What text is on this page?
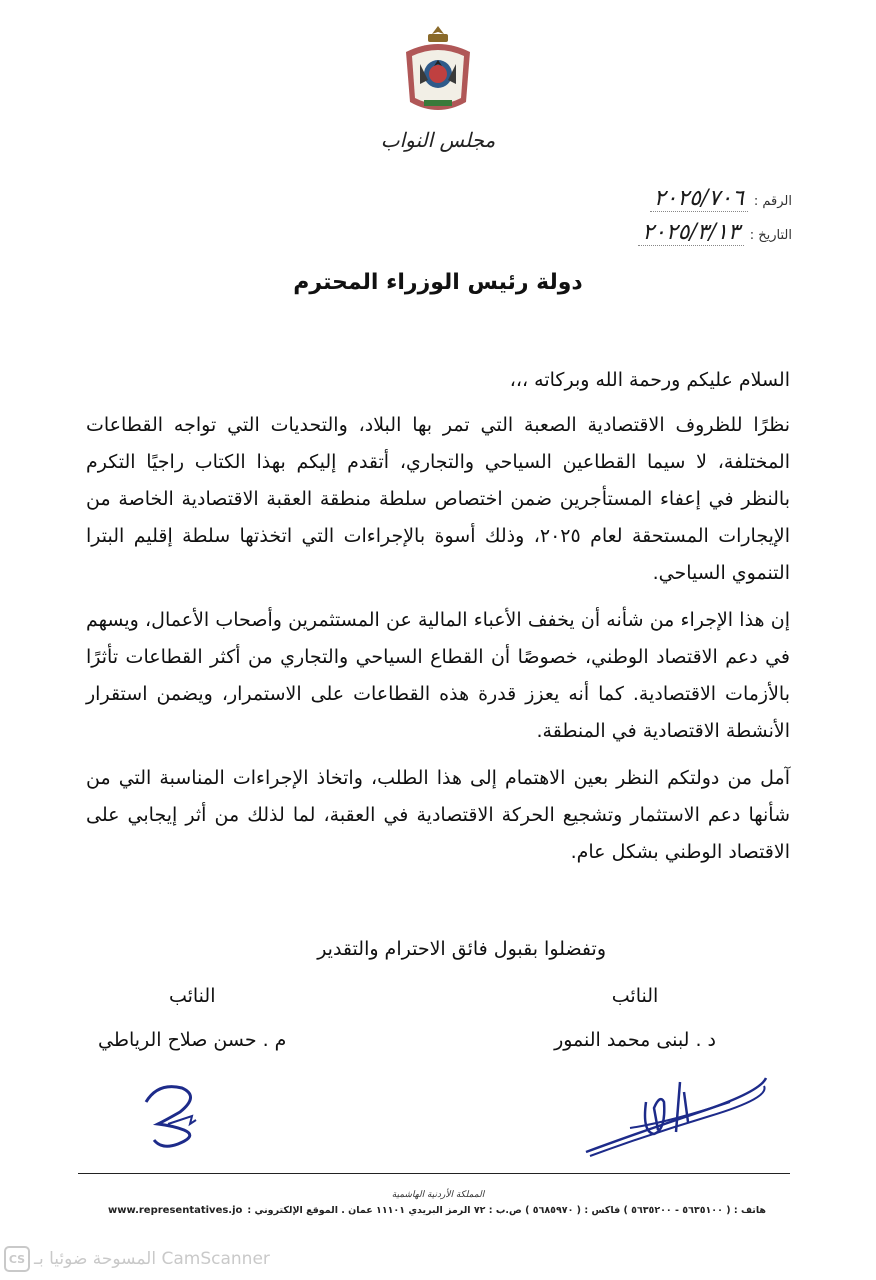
مجلس النواب
الرقم :
٢٠٢٥/٧٠٦
التاريخ :
٢٠٢٥/٣/١٣
دولة رئيس الوزراء المحترم

السلام عليكم ورحمة الله وبركاته ،،،

نظرًا للظروف الاقتصادية الصعبة التي تمر بها البلاد، والتحديات التي تواجه القطاعات المختلفة، لا سيما القطاعين السياحي والتجاري، أتقدم إليكم بهذا الكتاب راجيًا التكرم بالنظر في إعفاء المستأجرين ضمن اختصاص سلطة منطقة العقبة الاقتصادية الخاصة من الإيجارات المستحقة لعام ٢٠٢٥، وذلك أسوة بالإجراءات التي اتخذتها سلطة إقليم البترا التنموي السياحي.

إن هذا الإجراء من شأنه أن يخفف الأعباء المالية عن المستثمرين وأصحاب الأعمال، ويسهم في دعم الاقتصاد الوطني، خصوصًا أن القطاع السياحي والتجاري من أكثر القطاعات تأثرًا بالأزمات الاقتصادية. كما أنه يعزز قدرة هذه القطاعات على الاستمرار، ويضمن استقرار الأنشطة الاقتصادية في المنطقة.

آمل من دولتكم النظر بعين الاهتمام إلى هذا الطلب، واتخاذ الإجراءات المناسبة التي من شأنها دعم الاستثمار وتشجيع الحركة الاقتصادية في العقبة، لما لذلك من أثر إيجابي على الاقتصاد الوطني بشكل عام.

وتفضلوا بقبول فائق الاحترام والتقدير
النائب
د . لبنى محمد النمور
النائب
م . حسن صلاح الرياطي
المملكة الأردنية الهاشمية
هاتف : ( ٥٦٣٥١٠٠ - ٥٦٣٥٢٠٠ ) فاكس : ( ٥٦٨٥٩٧٠ ) ص.ب : ٧٢ الرمز البريدي ١١١٠١ عمان . الموقع الإلكتروني :
www.representatives.jo
CS المسوحة ضوئيا بـ CamScanner
